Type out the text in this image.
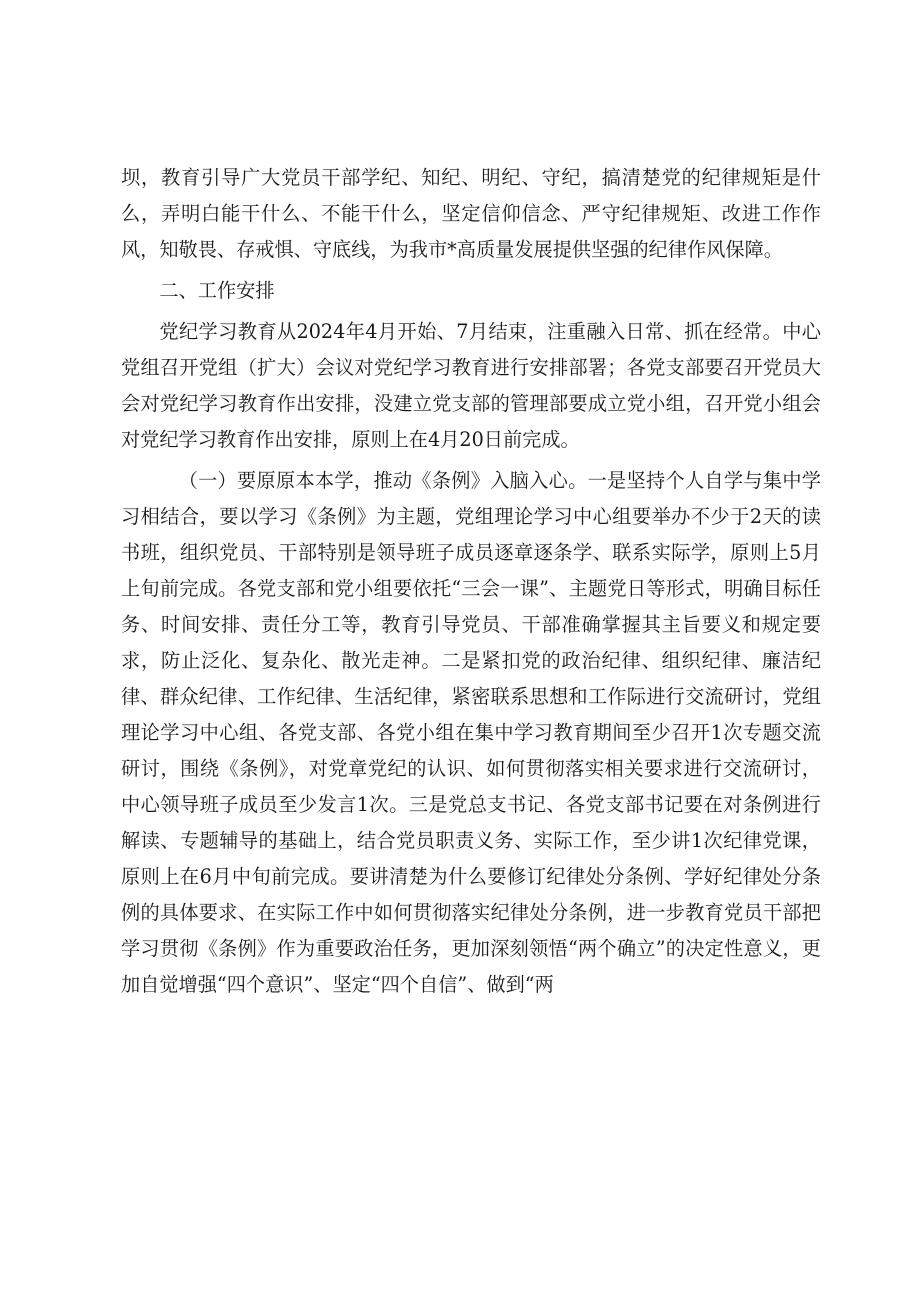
坝，教育引导广大党员干部学纪、知纪、明纪、守纪，搞清楚党的纪律规矩是什么，弄明白能干什么、不能干什么，坚定信仰信念、严守纪律规矩、改进工作作风，知敬畏、存戒惧、守底线，为我市*高质量发展提供坚强的纪律作风保障。

二、工作安排

党纪学习教育从2024年4月开始、7月结束，注重融入日常、抓在经常。中心党组召开党组（扩大）会议对党纪学习教育进行安排部署；各党支部要召开党员大会对党纪学习教育作出安排，没建立党支部的管理部要成立党小组，召开党小组会对党纪学习教育作出安排，原则上在4月20日前完成。

（一）要原原本本学，推动《条例》入脑入心。一是坚持个人自学与集中学习相结合，要以学习《条例》为主题，党组理论学习中心组要举办不少于2天的读书班，组织党员、干部特别是领导班子成员逐章逐条学、联系实际学，原则上5月上旬前完成。各党支部和党小组要依托“三会一课”、主题党日等形式，明确目标任务、时间安排、责任分工等，教育引导党员、干部准确掌握其主旨要义和规定要求，防止泛化、复杂化、散光走神。二是紧扣党的政治纪律、组织纪律、廉洁纪律、群众纪律、工作纪律、生活纪律，紧密联系思想和工作际进行交流研讨，党组理论学习中心组、各党支部、各党小组在集中学习教育期间至少召开1次专题交流研讨，围绕《条例》，对党章党纪的认识、如何贯彻落实相关要求进行交流研讨，中心领导班子成员至少发言1次。三是党总支书记、各党支部书记要在对条例进行解读、专题辅导的基础上，结合党员职责义务、实际工作，至少讲1次纪律党课，原则上在6月中旬前完成。要讲清楚为什么要修订纪律处分条例、学好纪律处分条例的具体要求、在实际工作中如何贯彻落实纪律处分条例，进一步教育党员干部把学习贯彻《条例》作为重要政治任务，更加深刻领悟“两个确立”的决定性意义，更加自觉增强“四个意识”、坚定“四个自信”、做到“两
